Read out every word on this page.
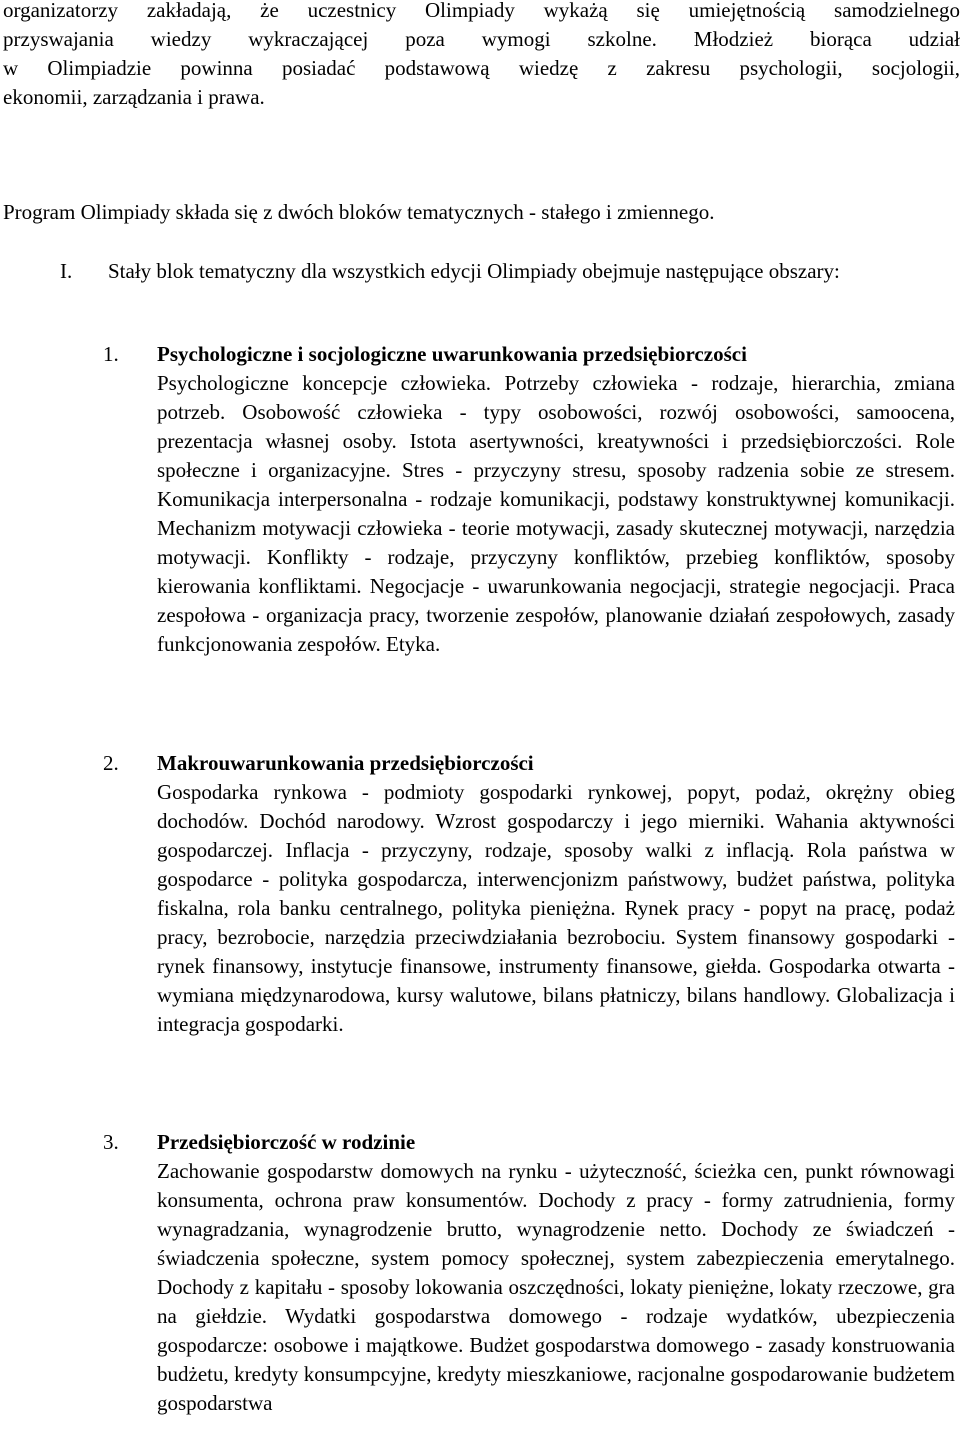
organizatorzy zakładają, że uczestnicy Olimpiady wykażą się umiejętnością samodzielnego
przyswajania wiedzy wykraczającej poza wymogi szkolne. Młodzież biorąca udział
w Olimpiadzie powinna posiadać podstawową wiedzę z zakresu psychologii, socjologii,
ekonomii, zarządzania i prawa.

Program Olimpiady składa się z dwóch bloków tematycznych - stałego i zmiennego.

I. Stały blok tematyczny dla wszystkich edycji Olimpiady obejmuje następujące obszary:

1. Psychologiczne i socjologiczne uwarunkowania przedsiębiorczości
Psychologiczne koncepcje człowieka. Potrzeby człowieka - rodzaje, hierarchia, zmiana potrzeb. Osobowość człowieka - typy osobowości, rozwój osobowości, samoocena, prezentacja własnej osoby. Istota asertywności, kreatywności i przedsiębiorczości. Role społeczne i organizacyjne. Stres - przyczyny stresu, sposoby radzenia sobie ze stresem. Komunikacja interpersonalna - rodzaje komunikacji, podstawy konstruktywnej komunikacji. Mechanizm motywacji człowieka - teorie motywacji, zasady skutecznej motywacji, narzędzia motywacji. Konflikty - rodzaje, przyczyny konfliktów, przebieg konfliktów, sposoby kierowania konfliktami. Negocjacje - uwarunkowania negocjacji, strategie negocjacji. Praca zespołowa - organizacja pracy, tworzenie zespołów, planowanie działań zespołowych, zasady funkcjonowania zespołów. Etyka.

2. Makrouwarunkowania przedsiębiorczości
Gospodarka rynkowa - podmioty gospodarki rynkowej, popyt, podaż, okrężny obieg dochodów. Dochód narodowy. Wzrost gospodarczy i jego mierniki. Wahania aktywności gospodarczej. Inflacja - przyczyny, rodzaje, sposoby walki z inflacją. Rola państwa w gospodarce - polityka gospodarcza, interwencjonizm państwowy, budżet państwa, polityka fiskalna, rola banku centralnego, polityka pieniężna. Rynek pracy - popyt na pracę, podaż pracy, bezrobocie, narzędzia przeciwdziałania bezrobociu. System finansowy gospodarki - rynek finansowy, instytucje finansowe, instrumenty finansowe, giełda. Gospodarka otwarta - wymiana międzynarodowa, kursy walutowe, bilans płatniczy, bilans handlowy. Globalizacja i integracja gospodarki.

3. Przedsiębiorczość w rodzinie
Zachowanie gospodarstw domowych na rynku - użyteczność, ścieżka cen, punkt równowagi konsumenta, ochrona praw konsumentów. Dochody z pracy - formy zatrudnienia, formy wynagradzania, wynagrodzenie brutto, wynagrodzenie netto. Dochody ze świadczeń - świadczenia społeczne, system pomocy społecznej, system zabezpieczenia emerytalnego. Dochody z kapitału - sposoby lokowania oszczędności, lokaty pieniężne, lokaty rzeczowe, gra na giełdzie. Wydatki gospodarstwa domowego - rodzaje wydatków, ubezpieczenia gospodarcze: osobowe i majątkowe. Budżet gospodarstwa domowego - zasady konstruowania budżetu, kredyty konsumpcyjne, kredyty mieszkaniowe, racjonalne gospodarowanie budżetem gospodarstwa
